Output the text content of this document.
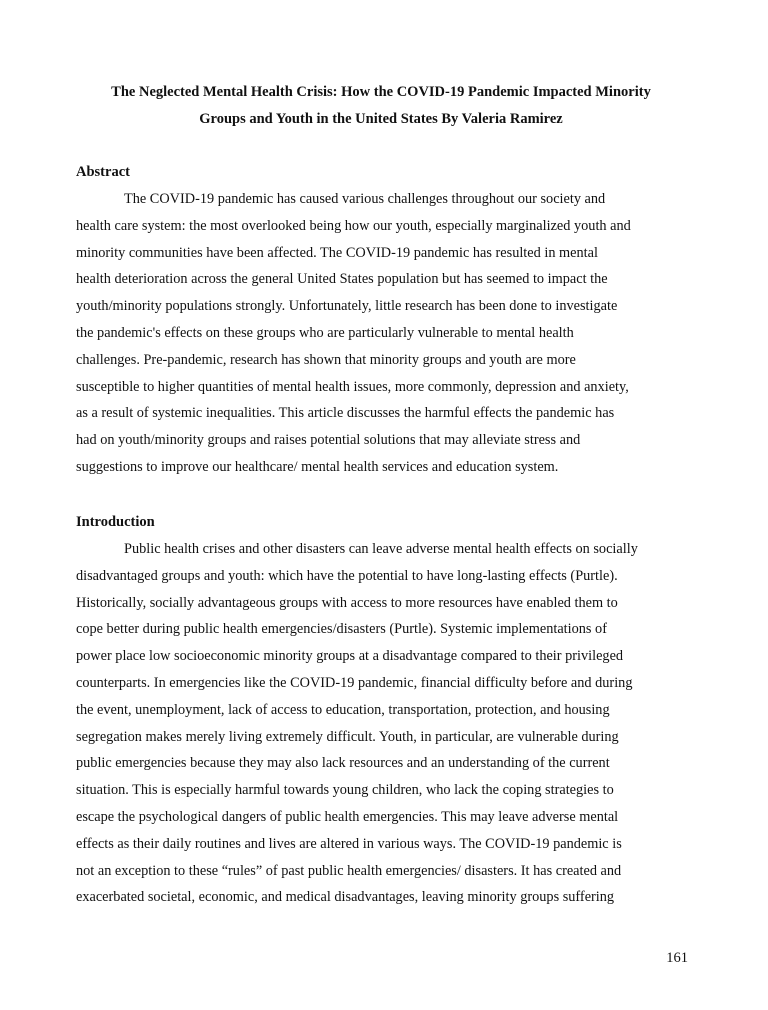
The Neglected Mental Health Crisis: How the COVID-19 Pandemic Impacted Minority
Groups and Youth in the United States By Valeria Ramirez
Abstract
The COVID-19 pandemic has caused various challenges throughout our society and
health care system: the most overlooked being how our youth, especially marginalized youth and
minority communities have been affected. The COVID-19 pandemic has resulted in mental
health deterioration across the general United States population but has seemed to impact the
youth/minority populations strongly. Unfortunately, little research has been done to investigate
the pandemic's effects on these groups who are particularly vulnerable to mental health
challenges. Pre-pandemic, research has shown that minority groups and youth are more
susceptible to higher quantities of mental health issues, more commonly, depression and anxiety,
as a result of systemic inequalities. This article discusses the harmful effects the pandemic has
had on youth/minority groups and raises potential solutions that may alleviate stress and
suggestions to improve our healthcare/ mental health services and education system.
Introduction
Public health crises and other disasters can leave adverse mental health effects on socially
disadvantaged groups and youth: which have the potential to have long-lasting effects (Purtle).
Historically, socially advantageous groups with access to more resources have enabled them to
cope better during public health emergencies/disasters (Purtle). Systemic implementations of
power place low socioeconomic minority groups at a disadvantage compared to their privileged
counterparts. In emergencies like the COVID-19 pandemic, financial difficulty before and during
the event, unemployment, lack of access to education, transportation, protection, and housing
segregation makes merely living extremely difficult. Youth, in particular, are vulnerable during
public emergencies because they may also lack resources and an understanding of the current
situation. This is especially harmful towards young children, who lack the coping strategies to
escape the psychological dangers of public health emergencies. This may leave adverse mental
effects as their daily routines and lives are altered in various ways. The COVID-19 pandemic is
not an exception to these “rules” of past public health emergencies/ disasters. It has created and
exacerbated societal, economic, and medical disadvantages, leaving minority groups suffering
161
